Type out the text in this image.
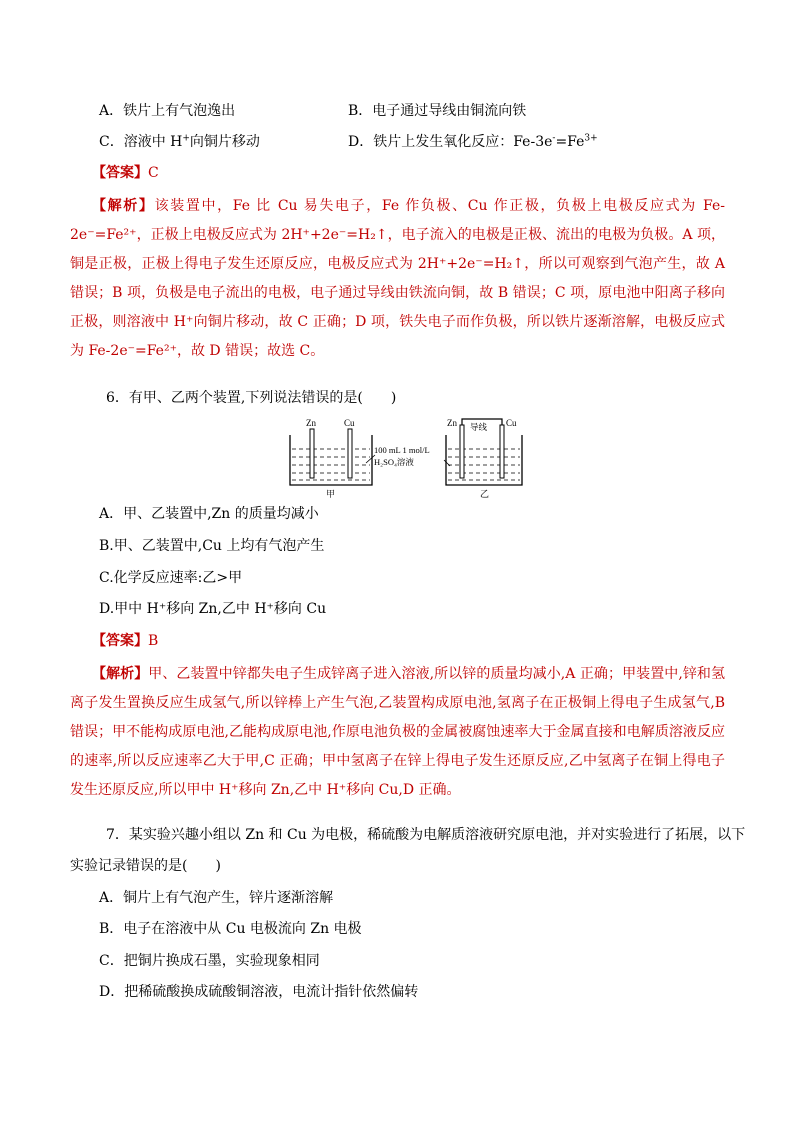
A．铁片上有气泡逸出	B．电子通过导线由铜流向铁
C．溶液中 H+向铜片移动	D．铁片上发生氧化反应：$Fe-3e^-=Fe^{3+}$
【答案】C
【解析】该装置中，Fe 比 Cu 易失电子，Fe 作负极、Cu 作正极，负极上电极反应式为 Fe-2e⁻=Fe²⁺，正极上电极反应式为 2H⁺+2e⁻=H₂↑，电子流入的电极是正极、流出的电极为负极。A 项，铜是正极，正极上得电子发生还原反应，电极反应式为 2H⁺+2e⁻=H₂↑，所以可观察到气泡产生，故 A 错误；B 项，负极是电子流出的电极，电子通过导线由铁流向铜，故 B 错误；C 项，原电池中阳离子移向正极，则溶液中 H⁺向铜片移动，故 C 正确；D 项，铁失电子而作负极，所以铁片逐渐溶解，电极反应式为 Fe-2e⁻=Fe²⁺，故 D 错误；故选 C。
6．有甲、乙两个装置,下列说法错误的是(　　)
Zn	Cu
甲
100 mL 1 mol/L
H₂SO₄溶液
Zn	Cu
导线
乙
A．甲、乙装置中,Zn 的质量均减小
B.甲、乙装置中,Cu 上均有气泡产生
C.化学反应速率:乙>甲
D.甲中 H⁺移向 Zn,乙中 H⁺移向 Cu
【答案】B
【解析】甲、乙装置中锌都失电子生成锌离子进入溶液,所以锌的质量均减小,A 正确；甲装置中,锌和氢离子发生置换反应生成氢气,所以锌棒上产生气泡,乙装置构成原电池,氢离子在正极铜上得电子生成氢气,B 错误；甲不能构成原电池,乙能构成原电池,作原电池负极的金属被腐蚀速率大于金属直接和电解质溶液反应的速率,所以反应速率乙大于甲,C 正确；甲中氢离子在锌上得电子发生还原反应,乙中氢离子在铜上得电子发生还原反应,所以甲中 H⁺移向 Zn,乙中 H⁺移向 Cu,D 正确。
7．某实验兴趣小组以 Zn 和 Cu 为电极，稀硫酸为电解质溶液研究原电池，并对实验进行了拓展，以下
实验记录错误的是(　　)
A．铜片上有气泡产生，锌片逐渐溶解
B．电子在溶液中从 Cu 电极流向 Zn 电极
C．把铜片换成石墨，实验现象相同
D．把稀硫酸换成硫酸铜溶液，电流计指针依然偏转
